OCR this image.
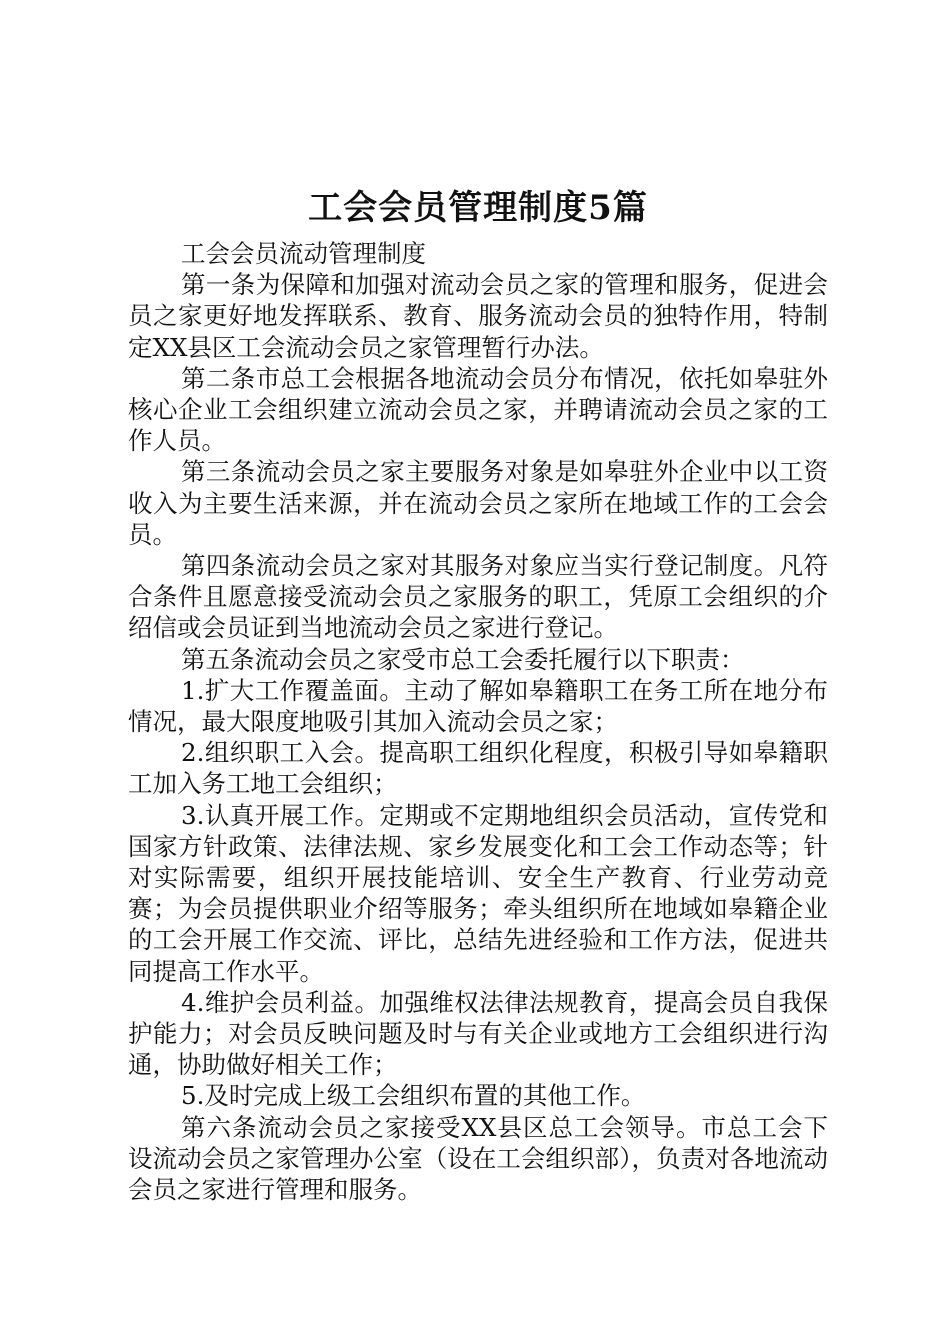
工会会员管理制度5篇

工会会员流动管理制度

第一条为保障和加强对流动会员之家的管理和服务，促进会员之家更好地发挥联系、教育、服务流动会员的独特作用，特制定XX县区工会流动会员之家管理暂行办法。

第二条市总工会根据各地流动会员分布情况，依托如皋驻外核心企业工会组织建立流动会员之家，并聘请流动会员之家的工作人员。

第三条流动会员之家主要服务对象是如皋驻外企业中以工资收入为主要生活来源，并在流动会员之家所在地域工作的工会会员。

第四条流动会员之家对其服务对象应当实行登记制度。凡符合条件且愿意接受流动会员之家服务的职工，凭原工会组织的介绍信或会员证到当地流动会员之家进行登记。

第五条流动会员之家受市总工会委托履行以下职责：

1.扩大工作覆盖面。主动了解如皋籍职工在务工所在地分布情况，最大限度地吸引其加入流动会员之家；

2.组织职工入会。提高职工组织化程度，积极引导如皋籍职工加入务工地工会组织；

3.认真开展工作。定期或不定期地组织会员活动，宣传党和国家方针政策、法律法规、家乡发展变化和工会工作动态等；针对实际需要，组织开展技能培训、安全生产教育、行业劳动竞赛；为会员提供职业介绍等服务；牵头组织所在地域如皋籍企业的工会开展工作交流、评比，总结先进经验和工作方法，促进共同提高工作水平。

4.维护会员利益。加强维权法律法规教育，提高会员自我保护能力；对会员反映问题及时与有关企业或地方工会组织进行沟通，协助做好相关工作；

5.及时完成上级工会组织布置的其他工作。

第六条流动会员之家接受XX县区总工会领导。市总工会下设流动会员之家管理办公室（设在工会组织部），负责对各地流动会员之家进行管理和服务。
